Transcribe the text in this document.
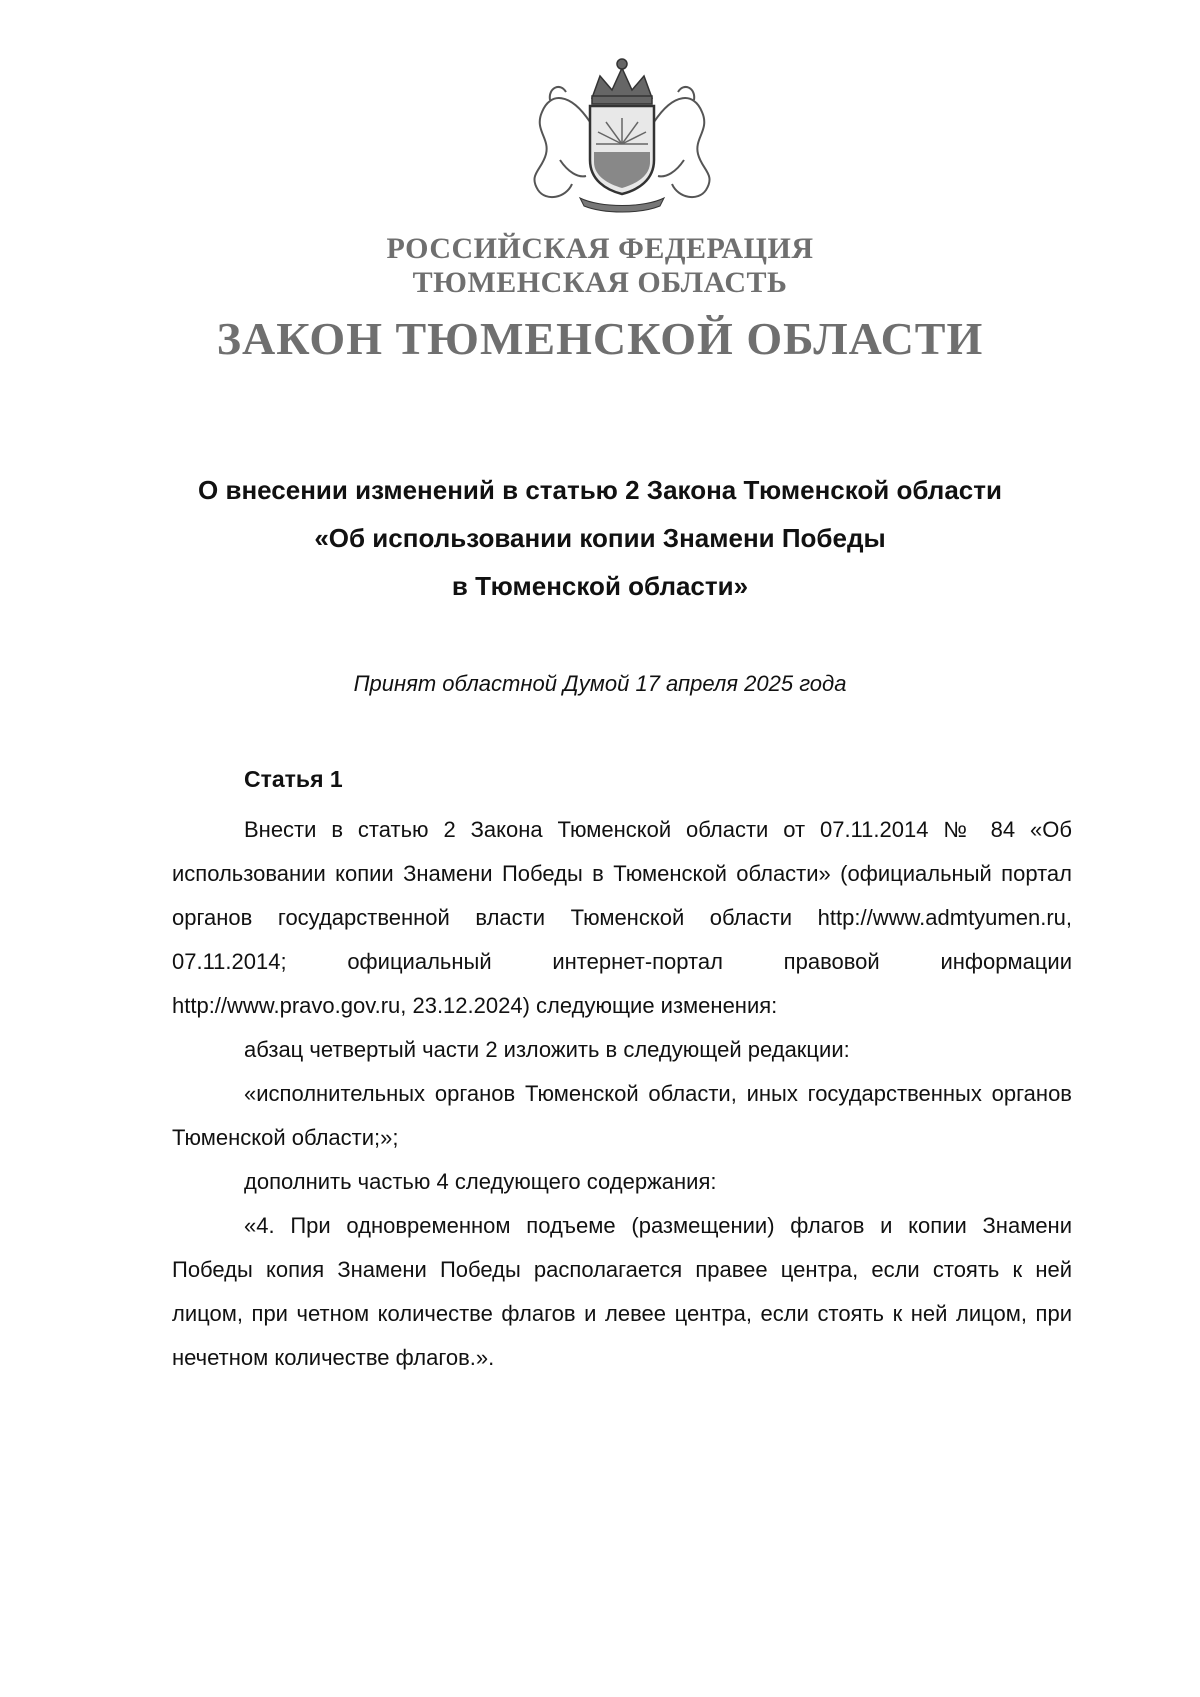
РОССИЙСКАЯ ФЕДЕРАЦИЯ
ТЮМЕНСКАЯ ОБЛАСТЬ
ЗАКОН ТЮМЕНСКОЙ ОБЛАСТИ
О внесении изменений в статью 2 Закона Тюменской области
«Об использовании копии Знамени Победы
в Тюменской области»
Принят областной Думой 17 апреля 2025 года
Статья 1

Внести в статью 2 Закона Тюменской области от 07.11.2014 № 84 «Об использовании копии Знамени Победы в Тюменской области» (официальный портал органов государственной власти Тюменской области http://www.admtyumen.ru, 07.11.2014; официальный интернет-портал правовой информации http://www.pravo.gov.ru, 23.12.2024) следующие изменения:

абзац четвертый части 2 изложить в следующей редакции:

«исполнительных органов Тюменской области, иных государственных органов Тюменской области;»;

дополнить частью 4 следующего содержания:

«4. При одновременном подъеме (размещении) флагов и копии Знамени Победы копия Знамени Победы располагается правее центра, если стоять к ней лицом, при четном количестве флагов и левее центра, если стоять к ней лицом, при нечетном количестве флагов.».
